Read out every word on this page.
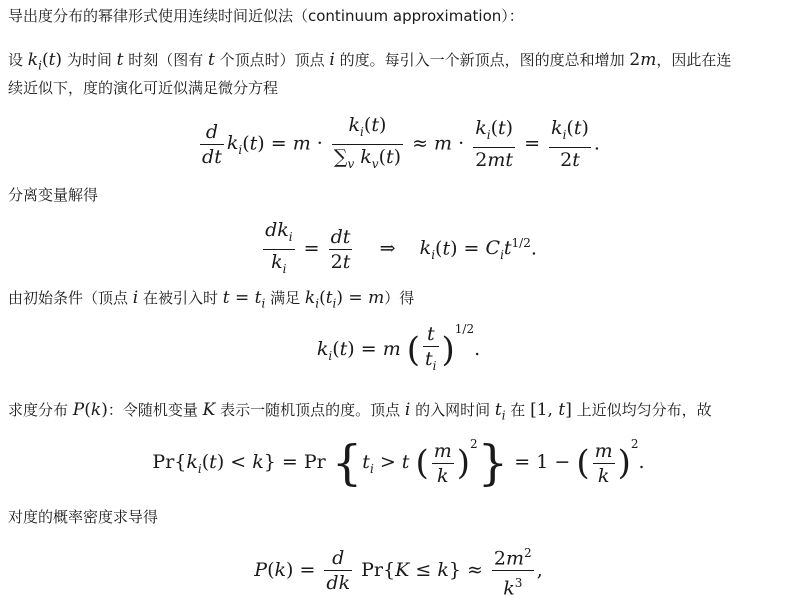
导出度分布的幂律形式使用连续时间近似法（continuum approximation）：
设 $k_i(t)$ 为时间 t 时刻（图有 t 个顶点时）顶点 i 的度。每引入一个新顶点，图的度总和增加 2m，因此在连
续近似下，度的演化可近似满足微分方程
$\frac{d}{dt} k_i(t) = m \cdot \frac{k_i(t)}{\sum_v k_v(t)} \approx m \cdot \frac{k_i(t)}{2mt} = \frac{k_i(t)}{2t}$ .
分离变量解得
$\frac{dk_i}{k_i} = \frac{dt}{2t}$ ⇒    $k_i(t) = C_it^{1/2}$.
由初始条件（顶点 i 在被引入时 $t = t_i$ 满足 $k_i(t_i) = m$）得
$k_i(t) = m$ ( $\frac{t}{t_i} )^{1/2}$.
求度分布 P(k)：令随机变量 K 表示一随机顶点的度。顶点 i 的入网时间 $t_i$ 在 [1, t] 上近似均匀分布，故
$Pr\{k_i(t) < k\} = Pr$ {$t_i > t$ ( $\frac{m}{k} )^2\} = 1$ − ( $\frac{m}{k} )^2$.
对度的概率密度求导得
$P(k) = \frac{d}{dk} Pr\{K \le k\} \approx \frac{2m^2}{k^3}$ ,
